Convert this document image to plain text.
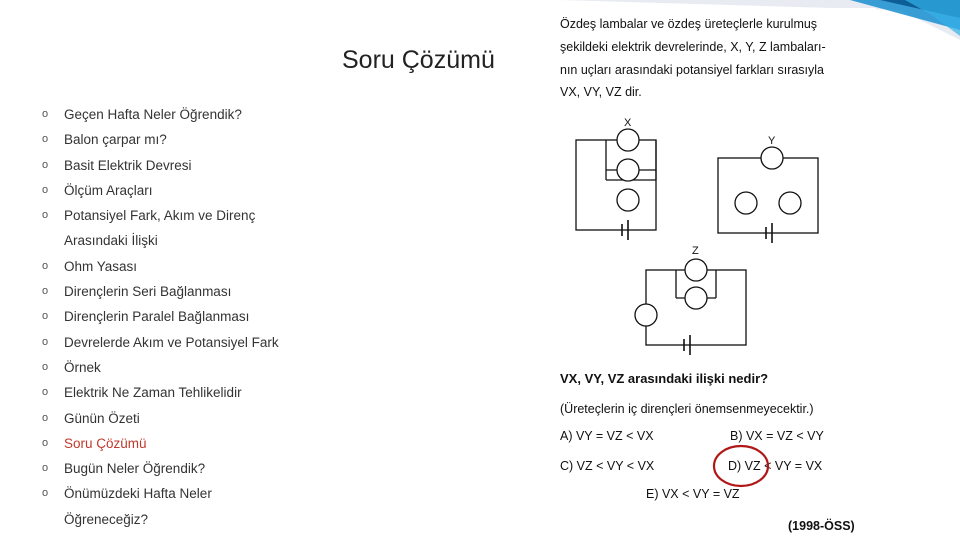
Soru Çözümü
o Geçen Hafta Neler Öğrendik?
o Balon çarpar mı?
o Basit Elektrik Devresi
o Ölçüm Araçları
o Potansiyel Fark, Akım ve Direnç
Arasındaki İlişki
o Ohm Yasası
o Dirençlerin Seri Bağlanması
o Dirençlerin Paralel Bağlanması
o Devrelerde Akım ve Potansiyel Fark
o Örnek
o Elektrik Ne Zaman Tehlikelidir
o Günün Özeti
o Soru Çözümü
o Bugün Neler Öğrendik?
o Önümüzdeki Hafta Neler
Öğreneceğiz?
Özdeş lambalar ve özdeş üreteçlerle kurulmuş
şekildeki elektrik devrelerinde, X, Y, Z lambaları-
nın uçları arasındaki potansiyel farkları sırasıyla
VX, VY, VZ dir.
X
Y
Z
VX, VY, VZ arasındaki ilişki nedir?
(Üreteçlerin iç dirençleri önemsenmeyecektir.)
A) VY = VZ < VX	B) VX = VZ < VY
C) VZ < VY < VX	D) VZ < VY = VX
E) VX < VY = VZ
(1998-ÖSS)
